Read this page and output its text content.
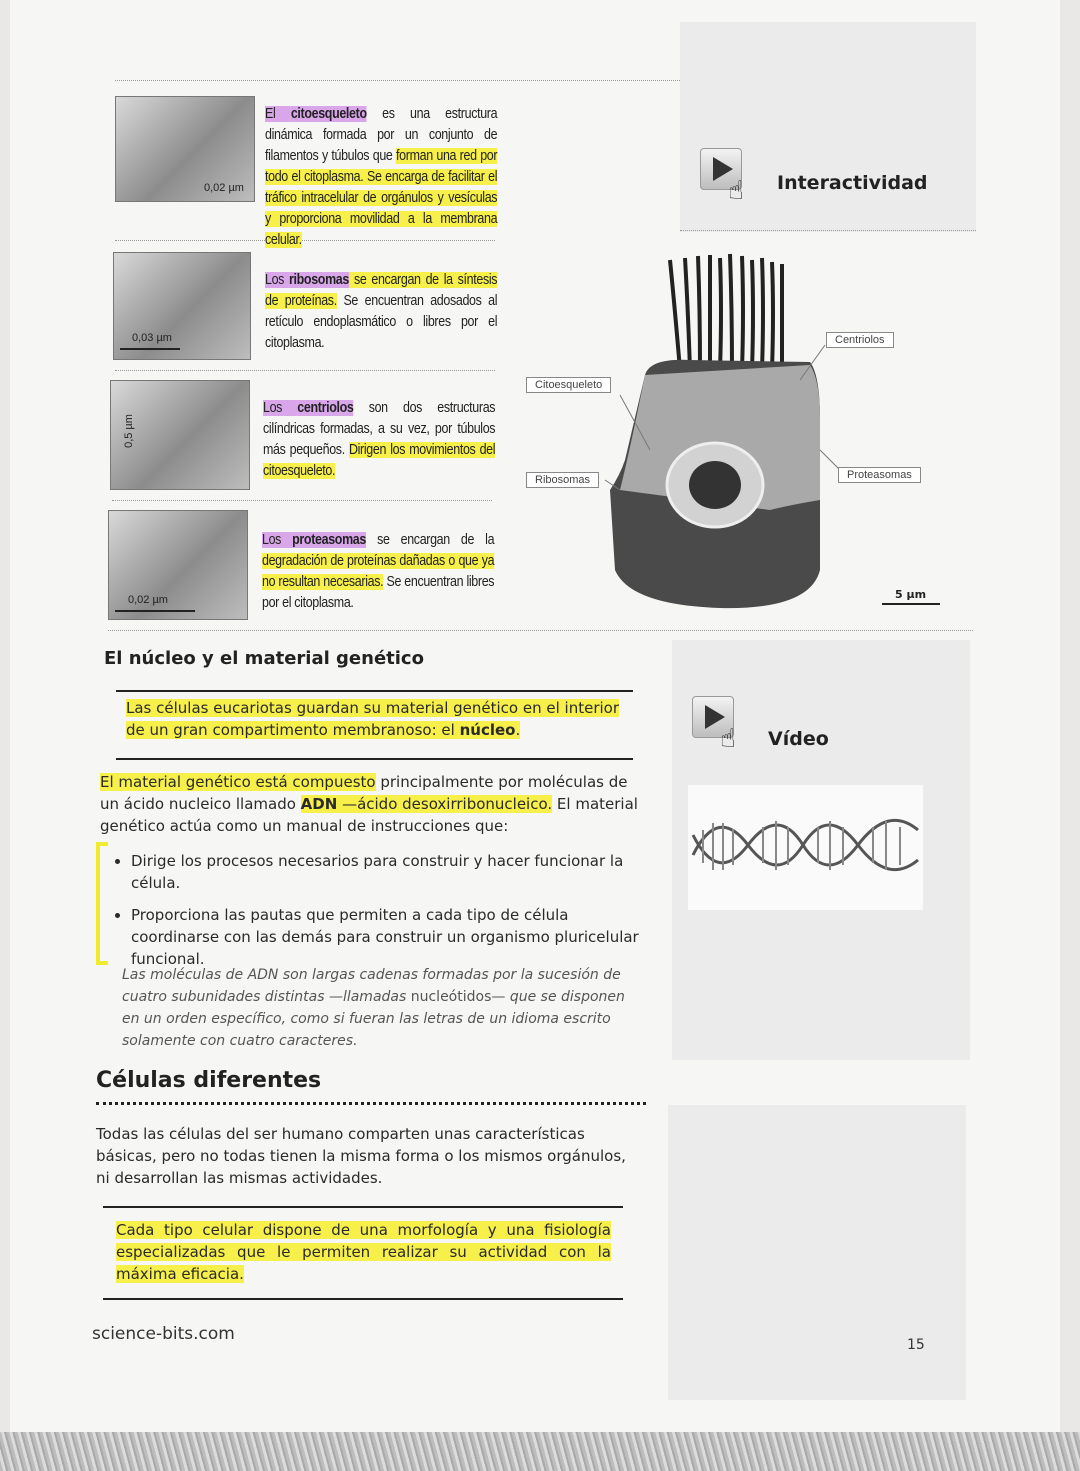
0,02 µm
El citoesqueleto es una estructura dinámica formada por un conjunto de filamentos y túbulos que forman una red por todo el citoplasma. Se encarga de facilitar el tráfico intracelular de orgánulos y vesículas y proporciona movilidad a la membrana celular.
0,03 µm
Los ribosomas se encargan de la síntesis de proteínas. Se encuentran adosados al retículo endoplasmático o libres por el citoplasma.
0,5 µm
Los centriolos son dos estructuras cilíndricas formadas, a su vez, por túbulos más pequeños. Dirigen los movimientos del citoesqueleto.
0,02 µm
Los proteasomas se encargan de la degradación de proteínas dañadas o que ya no resultan necesarias. Se encuentran libres por el citoplasma.
☝ Interactividad
Citoesqueleto
Ribosomas
Centriolos
Proteasomas
5 µm
☝ Vídeo
El núcleo y el material genético
Las células eucariotas guardan su material genético en el interior de un gran compartimento membranoso: el núcleo.
El material genético está compuesto principalmente por moléculas de un ácido nucleico llamado ADN —ácido desoxirribonucleico. El material genético actúa como un manual de instrucciones que:
• Dirige los procesos necesarios para construir y hacer funcionar la célula.
• Proporciona las pautas que permiten a cada tipo de célula coordinarse con las demás para construir un organismo pluricelular funcional.
Las moléculas de ADN son largas cadenas formadas por la sucesión de cuatro subunidades distintas —llamadas nucleótidos— que se disponen en un orden específico, como si fueran las letras de un idioma escrito solamente con cuatro caracteres.
Células diferentes
Todas las células del ser humano comparten unas características básicas, pero no todas tienen la misma forma o los mismos orgánulos, ni desarrollan las mismas actividades.
Cada tipo celular dispone de una morfología y una fisiología especializadas que le permiten realizar su actividad con la máxima eficacia.
science-bits.com
15
